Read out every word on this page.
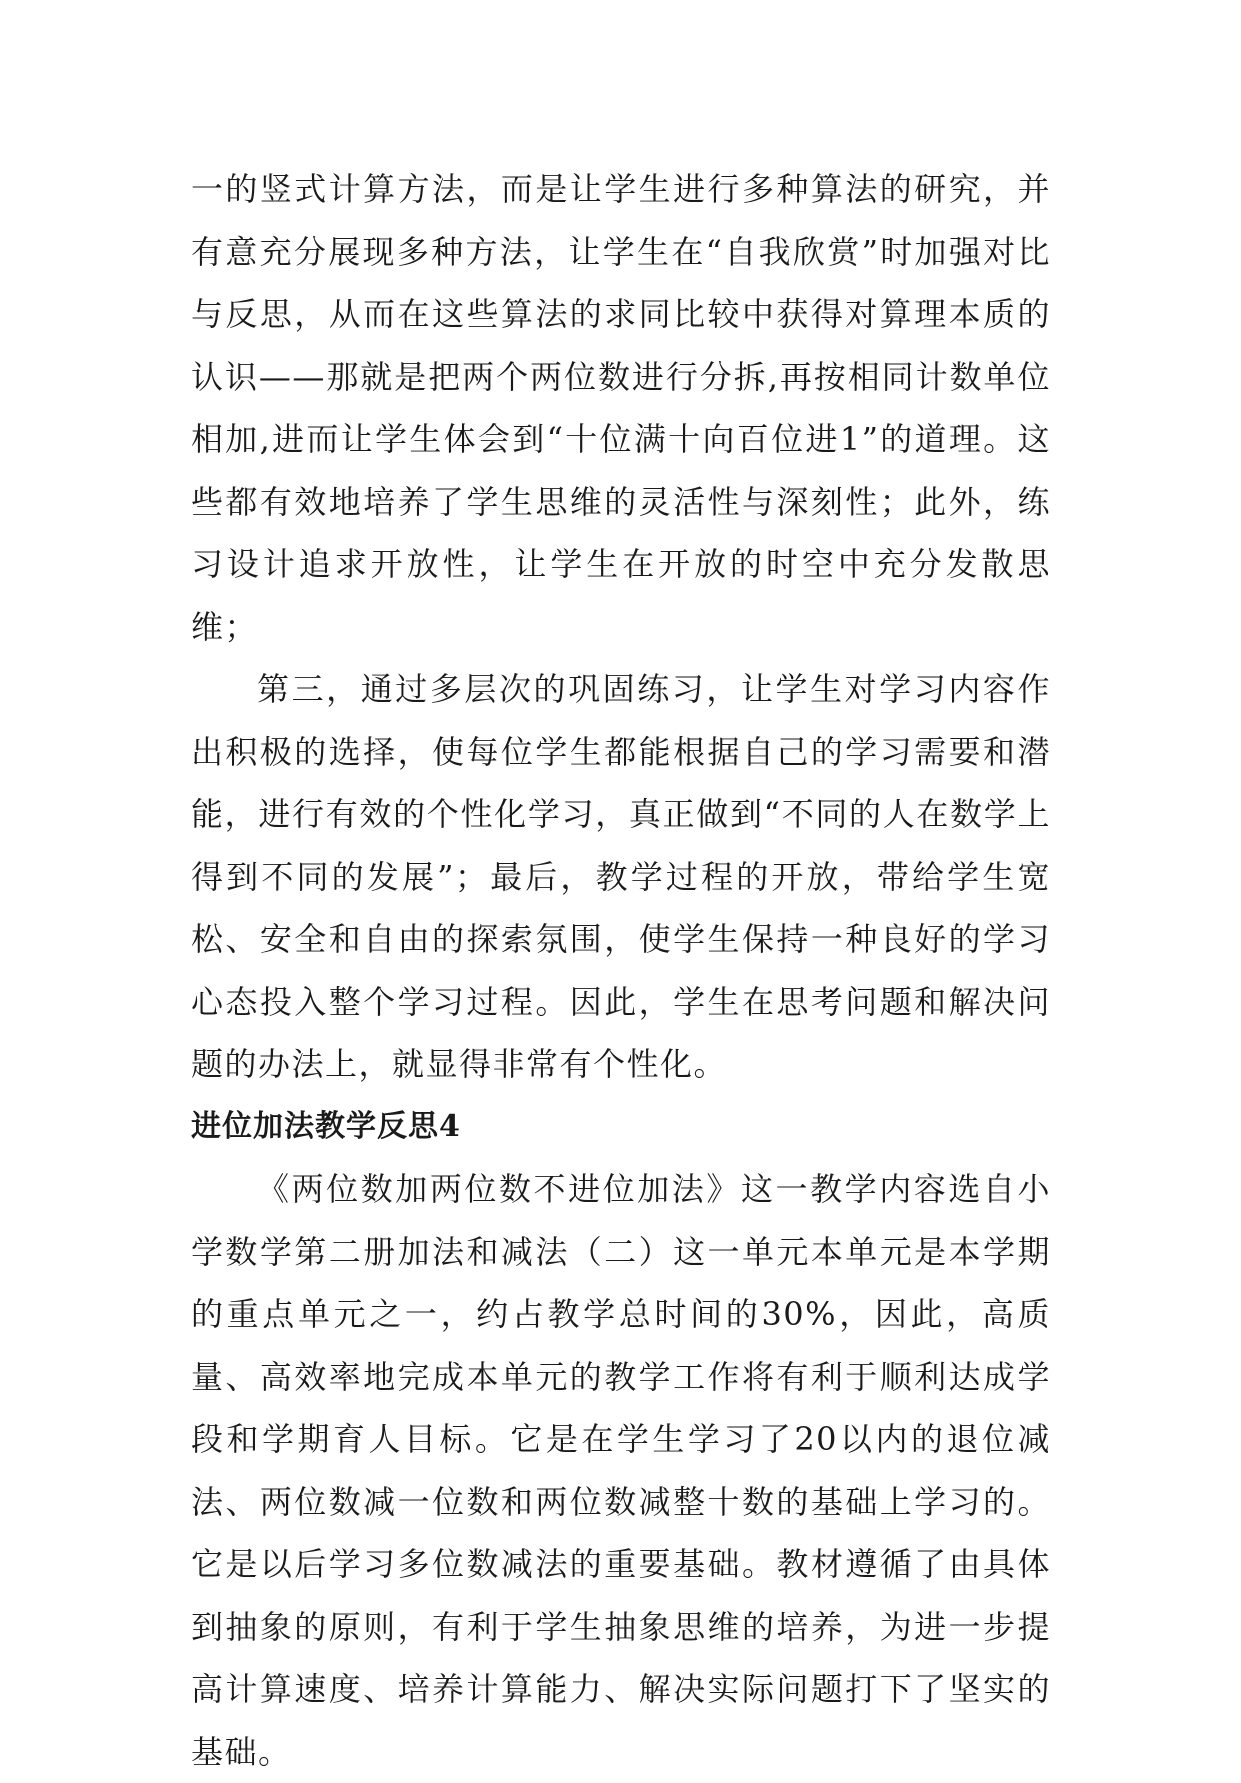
一的竖式计算方法，而是让学生进行多种算法的研究，并有意充分展现多种方法，让学生在“自我欣赏”时加强对比与反思，从而在这些算法的求同比较中获得对算理本质的认识——那就是把两个两位数进行分拆,再按相同计数单位相加,进而让学生体会到“十位满十向百位进1”的道理。这些都有效地培养了学生思维的灵活性与深刻性；此外，练习设计追求开放性，让学生在开放的时空中充分发散思维；

第三，通过多层次的巩固练习，让学生对学习内容作出积极的选择，使每位学生都能根据自己的学习需要和潜能，进行有效的个性化学习，真正做到“不同的人在数学上得到不同的发展”；最后，教学过程的开放，带给学生宽松、安全和自由的探索氛围，使学生保持一种良好的学习心态投入整个学习过程。因此，学生在思考问题和解决问题的办法上，就显得非常有个性化。

进位加法教学反思4

《两位数加两位数不进位加法》这一教学内容选自小学数学第二册加法和减法（二）这一单元本单元是本学期的重点单元之一，约占教学总时间的30%，因此，高质量、高效率地完成本单元的教学工作将有利于顺利达成学段和学期育人目标。它是在学生学习了20以内的退位减法、两位数减一位数和两位数减整十数的基础上学习的。它是以后学习多位数减法的重要基础。教材遵循了由具体到抽象的原则，有利于学生抽象思维的培养，为进一步提高计算速度、培养计算能力、解决实际问题打下了坚实的基础。
